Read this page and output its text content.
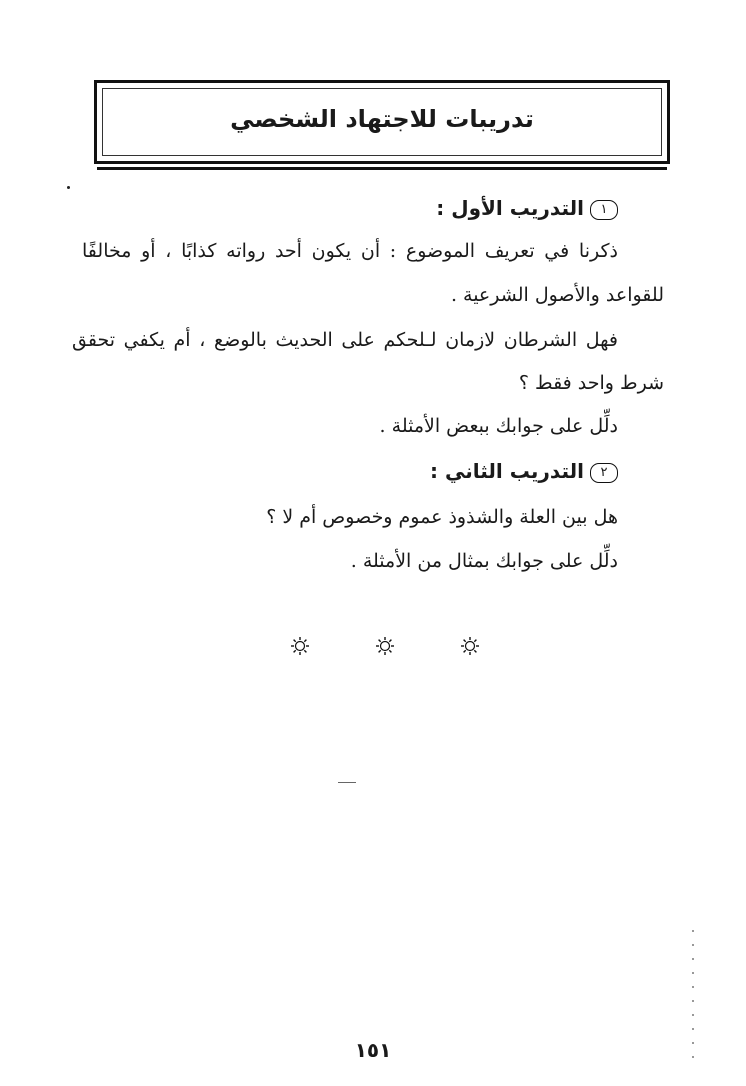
تدريبات للاجتهاد الشخصي
١التدريب الأول :
ذكرنا في تعريف الموضوع : أن يكون أحد رواته كذابًا ، أو مخالفًا
للقواعد والأصول الشرعية .
فهل الشرطان لازمان لـلحكم على الحديث بالوضع ، أم يكفي تحقق
شرط واحد فقط ؟
دلِّل على جوابك ببعض الأمثلة .
٢التدريب الثاني :
هل بين العلة والشذوذ عموم وخصوص أم لا ؟
دلِّل على جوابك بمثال من الأمثلة .
١٥١
